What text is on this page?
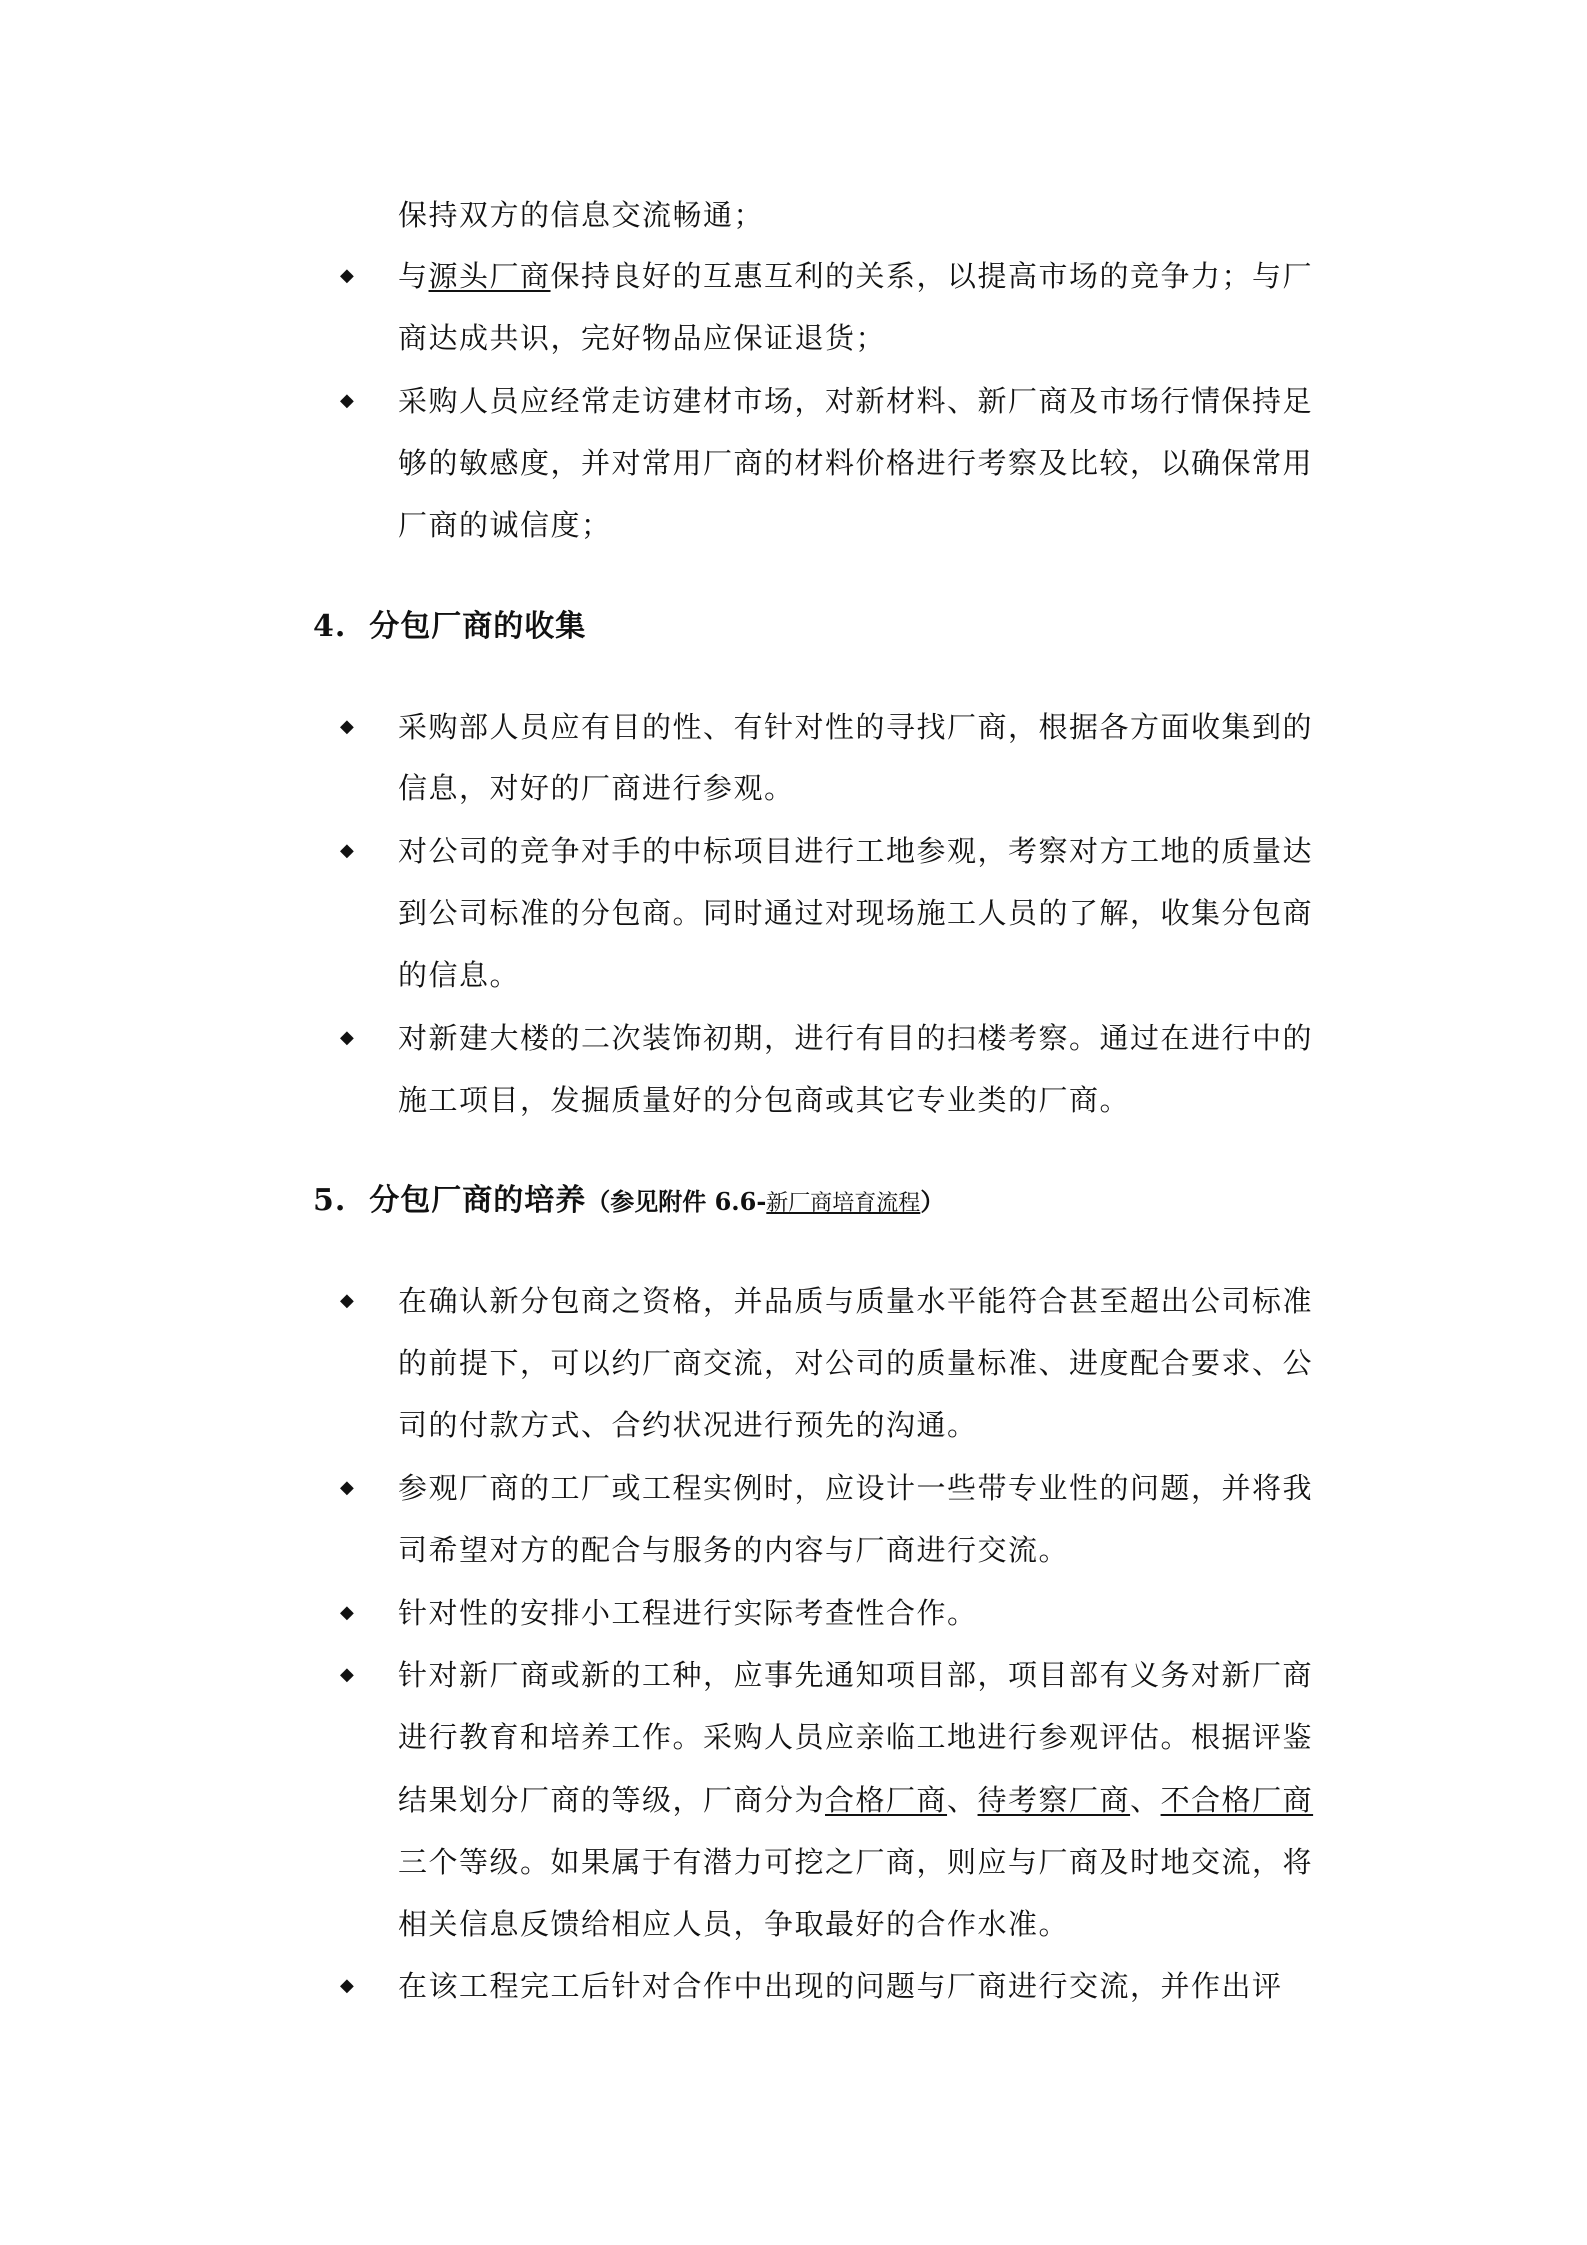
保持双方的信息交流畅通；
◆ 与源头厂商保持良好的互惠互利的关系，以提高市场的竞争力；与厂
商达成共识，完好物品应保证退货；
◆ 采购人员应经常走访建材市场，对新材料、新厂商及市场行情保持足
够的敏感度，并对常用厂商的材料价格进行考察及比较，以确保常用
厂商的诚信度；
4. 分包厂商的收集
◆ 采购部人员应有目的性、有针对性的寻找厂商，根据各方面收集到的
信息，对好的厂商进行参观。
◆ 对公司的竞争对手的中标项目进行工地参观，考察对方工地的质量达
到公司标准的分包商。同时通过对现场施工人员的了解，收集分包商
的信息。
◆ 对新建大楼的二次装饰初期，进行有目的扫楼考察。通过在进行中的
施工项目，发掘质量好的分包商或其它专业类的厂商。
5. 分包厂商的培养（参见附件 6.6-新厂商培育流程）
◆ 在确认新分包商之资格，并品质与质量水平能符合甚至超出公司标准
的前提下，可以约厂商交流，对公司的质量标准、进度配合要求、公
司的付款方式、合约状况进行预先的沟通。
◆ 参观厂商的工厂或工程实例时，应设计一些带专业性的问题，并将我
司希望对方的配合与服务的内容与厂商进行交流。
◆ 针对性的安排小工程进行实际考查性合作。
◆ 针对新厂商或新的工种，应事先通知项目部，项目部有义务对新厂商
进行教育和培养工作。采购人员应亲临工地进行参观评估。根据评鉴
结果划分厂商的等级，厂商分为合格厂商、待考察厂商、不合格厂商
三个等级。如果属于有潜力可挖之厂商，则应与厂商及时地交流，将
相关信息反馈给相应人员，争取最好的合作水准。
◆ 在该工程完工后针对合作中出现的问题与厂商进行交流，并作出评
